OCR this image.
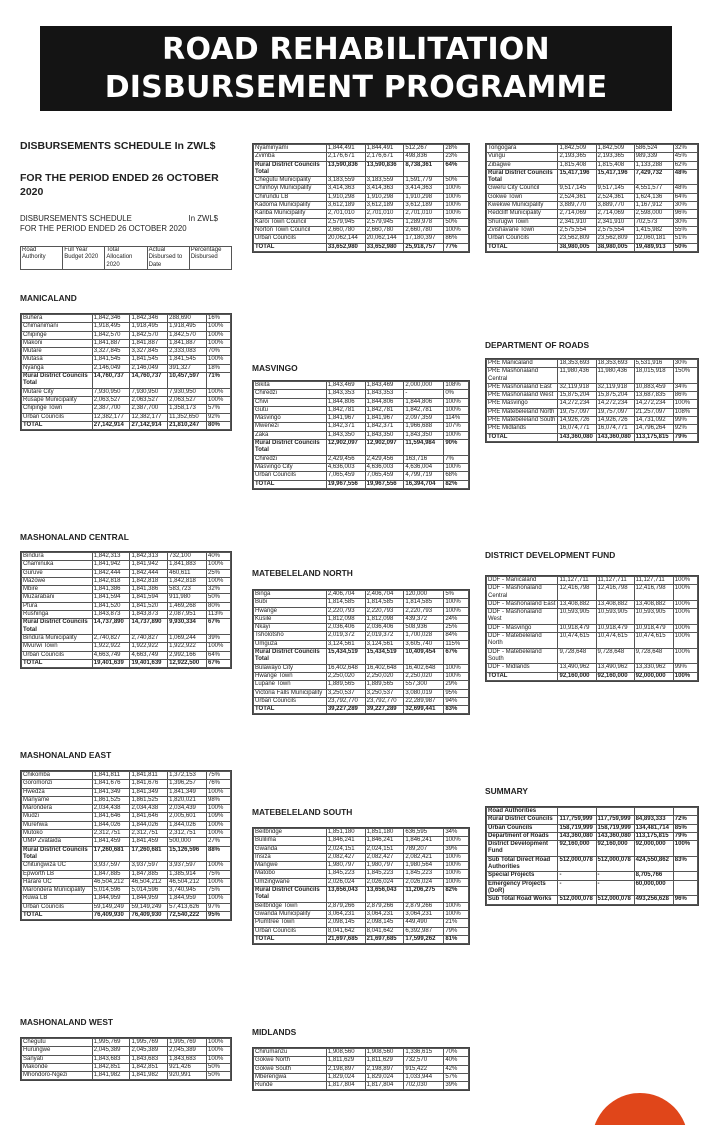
ROAD REHABILITATION
DISBURSEMENT PROGRAMME
DISBURSEMENTS SCHEDULE In ZWL$
FOR THE PERIOD ENDED 26 OCTOBER 2020
DISBURSEMENTS SCHEDULE	In ZWL$
FOR THE PERIOD ENDED 26 OCTOBER 2020
Road Authority	Full Year Budget 2020	Total Allocation 2020	Actual Disbursed to Date	Percentage Disbursed
MANICALAND
Buhera	1,842,346	1,842,346	288,690	16%
Chimanimani	1,918,495	1,918,495	1,918,495	100%
Chipinge	1,842,570	1,842,570	1,842,570	100%
Makoni	1,841,887	1,841,887	1,841,887	100%
Mutare	3,327,845	3,327,845	2,333,083	70%
Mutasa	1,841,545	1,841,545	1,841,545	100%
Nyanga	2,146,049	2,146,049	391,327	18%
Rural District Councils Total	14,760,737	14,760,737	10,457,597	71%
Mutare City	7,930,950	7,930,950	7,930,950	100%
Rusape Municipality	2,063,527	2,063,527	2,063,527	100%
Chipinge Town	2,387,700	2,387,700	1,358,173	57%
Urban Councils	12,382,177	12,382,177	11,352,650	92%
TOTAL	27,142,914	27,142,914	21,810,247	80%
MASHONALAND CENTRAL
Bindura	1,842,313	1,842,313	732,100	40%
Chaminuka	1,841,942	1,841,942	1,841,883	100%
Guruve	1,842,444	1,842,444	460,611	25%
Mazowe	1,842,818	1,842,818	1,842,818	100%
Mbire	1,841,386	1,841,386	583,723	32%
Muzarabani	1,841,594	1,841,594	911,980	50%
Pfura	1,841,520	1,841,520	1,469,268	80%
Rushinga	1,843,873	1,843,873	2,087,951	113%
Rural District Councils Total	14,737,890	14,737,890	9,930,334	67%
Bindura Municipality	2,740,827	2,740,827	1,069,244	39%
Mvurwi Town	1,922,922	1,922,922	1,922,922	100%
Urban Councils	4,663,749	4,663,749	2,992,166	64%
TOTAL	19,401,639	19,401,639	12,922,500	67%
MASHONALAND EAST
Chikomba	1,841,811	1,841,811	1,372,153	75%
Goromonzi	1,841,676	1,841,676	1,396,257	76%
Hwedza	1,841,349	1,841,349	1,841,349	100%
Manyame	1,861,525	1,861,525	1,820,021	98%
Marondera	2,034,438	2,034,438	2,034,439	100%
Mudzi	1,841,646	1,841,646	2,005,601	109%
Murehwa	1,844,026	1,844,026	1,844,026	100%
Mutoko	2,312,751	2,312,751	2,312,751	100%
UMP Zvataida	1,841,459	1,841,459	500,000	27%
Rural District Councils Total	17,260,681	17,260,681	15,126,596	88%
Chitungwiza UC	3,937,597	3,937,597	3,937,597	100%
Epworth LB	1,847,885	1,847,885	1,385,914	75%
Harare UC	46,504,212	46,504,212	46,504,212	100%
Marondera Municipality	5,014,596	5,014,596	3,740,945	75%
Ruwa LB	1,844,959	1,844,959	1,844,959	100%
Urban Councils	59,149,249	59,149,249	57,413,626	97%
TOTAL	76,409,930	76,409,930	72,540,222	95%
MASHONALAND WEST
Chegutu	1,995,769	1,995,769	1,995,769	100%
Hurungwe	2,045,389	2,045,389	2,045,389	100%
Sanyati	1,843,683	1,843,683	1,843,683	100%
Makonde	1,842,851	1,842,851	921,426	50%
Mhondoro-Ngezi	1,841,982	1,841,982	920,991	50%
Nyaminyami	1,844,491	1,844,491	512,267	28%
Zvimba	2,176,671	2,176,671	498,836	23%
Rural District Councils Total	13,590,836	13,590,836	8,738,361	64%
Chegutu Municipality	3,183,559	3,183,559	1,591,779	50%
Chinhoyi Municipality	3,414,363	3,414,363	3,414,363	100%
Chirundu LB	1,910,298	1,910,298	1,910,298	100%
Kadoma Municipality	3,612,189	3,612,189	3,612,189	100%
Kariba Municipality	2,701,010	2,701,010	2,701,010	100%
Karoi Town Council	2,579,945	2,579,945	1,289,978	50%
Norton Town Council	2,660,780	2,660,780	2,660,780	100%
Urban Councils	20,062,144	20,062,144	17,180,397	86%
TOTAL	33,652,980	33,652,980	25,918,757	77%
MASVINGO
Bikita	1,843,469	1,843,469	2,000,000	108%
Chiredzi	1,843,353	1,843,353	-	0%
Chivi	1,844,806	1,844,806	1,844,806	100%
Gutu	1,842,781	1,842,781	1,842,781	100%
Masvingo	1,841,967	1,841,967	2,097,359	114%
Mwenezi	1,842,371	1,842,371	1,966,688	107%
Zaka	1,843,350	1,843,350	1,843,350	100%
Rural District Councils Total	12,902,097	12,902,097	11,594,984	90%
Chiredzi	2,429,456	2,429,456	163,716	7%
Masvingo City	4,636,003	4,636,003	4,636,004	100%
Urban Councils	7,065,459	7,065,459	4,799,719	68%
TOTAL	19,967,556	19,967,556	16,394,704	82%
MATEBELELAND NORTH
Binga	2,406,704	2,406,704	120,000	5%
Bubi	1,814,585	1,814,585	1,814,585	100%
Hwange	2,220,793	2,220,793	2,220,793	100%
Kusile	1,812,098	1,812,098	439,372	24%
Nkayi	2,036,406	2,036,406	508,936	25%
Tsholotsho	2,019,372	2,019,372	1,700,028	84%
Umguza	3,124,561	3,124,561	3,605,740	115%
Rural District Councils Total	15,434,519	15,434,519	10,409,454	67%
Bulawayo City	16,402,648	16,402,648	16,402,648	100%
Hwange Town	2,250,020	2,250,020	2,250,020	100%
Lupane Town	1,889,565	1,889,565	557,300	29%
Victoria Falls Municipality	3,250,537	3,250,537	3,080,019	95%
Urban Councils	23,792,770	23,792,770	22,289,987	94%
TOTAL	39,227,289	39,227,289	32,699,441	83%
MATEBELELAND SOUTH
Beitbridge	1,851,180	1,851,180	636,595	34%
Bulilima	1,846,241	1,846,241	1,846,241	100%
Gwanda	2,024,151	2,024,151	789,207	39%
Insiza	2,082,427	2,082,427	2,082,421	100%
Mangwe	1,980,797	1,980,797	1,980,564	100%
Matobo	1,845,223	1,845,223	1,845,223	100%
Umzingwane	2,026,024	2,026,024	2,026,024	100%
Rural District Councils Total	13,656,043	13,656,043	11,206,275	82%
Beitbridge Town	2,879,266	2,879,266	2,879,266	100%
Gwanda Municipality	3,064,231	3,064,231	3,064,231	100%
Plumtree Town	2,098,145	2,098,145	449,490	21%
Urban Councils	8,041,642	8,041,642	6,392,987	79%
TOTAL	21,697,685	21,697,685	17,599,262	81%
MIDLANDS
Chirumanzu	1,908,560	1,908,560	1,336,615	70%
Gokwe North	1,811,629	1,811,629	732,570	40%
Gokwe South	2,198,897	2,198,897	915,422	42%
Mberengwa	1,829,024	1,829,024	1,033,944	57%
Runde	1,817,804	1,817,804	702,030	39%
Tongogara	1,842,509	1,842,509	586,524	32%
Vungu	2,193,365	2,193,365	989,339	45%
Zibagwe	1,815,408	1,815,408	1,133,288	62%
Rural District Councils Total	15,417,196	15,417,196	7,429,732	48%
Gweru City Council	9,517,145	9,517,145	4,551,577	48%
Gokwe Town	2,524,361	2,524,361	1,624,136	64%
Kwekwe Municipality	3,889,770	3,889,770	1,167,912	30%
Redcliff Municipality	2,714,069	2,714,069	2,598,000	96%
Shurugwi Town	2,341,910	2,341,910	702,573	30%
Zvishavane Town	2,575,554	2,575,554	1,415,982	55%
Urban Councils	23,562,809	23,562,809	12,060,181	51%
TOTAL	38,980,005	38,980,005	19,489,913	50%
DEPARTMENT OF ROADS
PRE Manicaland	18,353,693	18,353,693	5,531,916	30%
PRE Mashonaland Central	11,980,436	11,980,436	18,015,918	150%
PRE Mashonaland East	32,119,918	32,119,918	10,883,459	34%
PRE Mashonaland West	15,875,204	15,875,204	13,687,835	86%
PRE Masvingo	14,272,234	14,272,234	14,272,234	100%
PRE Matebeleland North	19,757,097	19,757,097	21,257,097	108%
PRE Matebeleland South	14,926,726	14,926,726	14,731,092	99%
PRE Midlands	16,074,771	16,074,771	14,796,264	92%
TOTAL	143,360,080	143,360,080	113,175,815	79%
DISTRICT DEVELOPMENT FUND
DDF - Manicaland	11,127,711	11,127,711	11,127,711	100%
DDF - Mashonaland Central	12,416,798	12,416,798	12,416,798	100%
DDF - Mashonaland East	13,408,882	13,408,882	13,408,882	100%
DDF - Mashonaland West	10,593,905	10,593,905	10,593,905	100%
DDF - Masvingo	10,918,479	10,918,479	10,918,479	100%
DDF - Matebeleland North	10,474,615	10,474,615	10,474,615	100%
DDF - Matebeleland South	9,728,648	9,728,648	9,728,648	100%
DDF - Midlands	13,490,962	13,490,962	13,330,962	99%
TOTAL	92,160,000	92,160,000	92,000,000	100%
SUMMARY
Road Authorities				
Rural District Councils	117,759,999	117,759,999	84,893,333	72%
Urban Councils	158,719,999	158,719,999	134,481,714	85%
Department of Roads	143,360,080	143,360,080	113,175,815	79%
District Development Fund	92,160,000	92,160,000	92,000,000	100%
Sub Total Direct Road Authorities	512,000,078	512,000,078	424,550,862	83%
Special Projects	-	-	8,705,766	
Emergency Projects (DoR)	-	-	60,000,000	
Sub Total Road Works	512,000,078	512,000,078	493,256,628	96%
